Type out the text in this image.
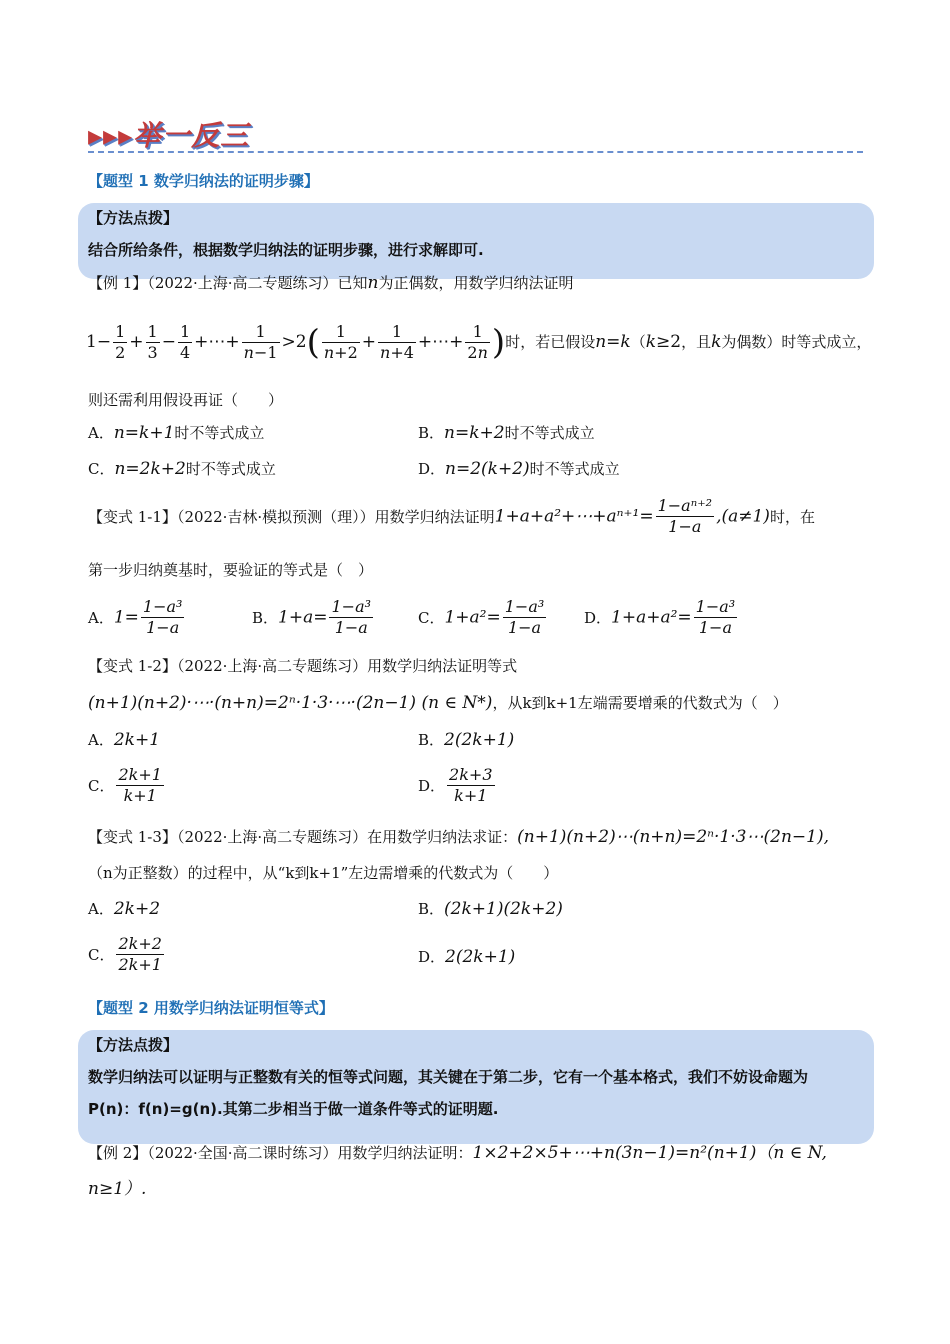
▸▸▸举一反三
【题型 1 数学归纳法的证明步骤】
【方法点拨】
结合所给条件，根据数学归纳法的证明步骤，进行求解即可.
【例 1】（2022·上海·高二专题练习）已知n为正偶数，用数学归纳法证明
$1- \frac{1}{2} + \frac{1}{3} - \frac{1}{4}$ +⋯+ $\frac{1}{n-1} >2( \frac{1}{n+2} + \frac{1}{n+4}$ +⋯+ $\frac{1}{2n}$ )时，若已假设n=k（k≥2，且k为偶数）时等式成立，
则还需利用假设再证（　　）
A．n=k+1时不等式成立	B．n=k+2时不等式成立
C．n=2k+2时不等式成立	D．n=2(k+2)时不等式成立
【变式 1-1】（2022·吉林·模拟预测（理））用数学归纳法证明1+a+a²+⋯+aⁿ⁺¹= $\frac{\text{1−aⁿ⁺²}}{1-a} ,(a\ne 1)$时，在
第一步归纳奠基时，要验证的等式是（　）
A．$1= \frac{\text{1−a³}}{1-a}$	B．$1+a= \frac{\text{1−a³}}{1-a}$	C．$1+a^2= \frac{\text{1−a³}}{1-a}$	D．$1+a+a^2= \frac{\text{1−a³}}{1-a}$
【变式 1-2】（2022·上海·高二专题练习）用数学归纳法证明等式
(n+1)(n+2)·⋯·(n+n)=2ⁿ·1·3·⋯·(2n−1) (n ∈ N*)，从k到k+1左端需要增乘的代数式为（　）
A．2k+1	B．2(2k+1)
C． $\frac{2k+1}{k+1}$	D． $\frac{2k+3}{k+1}$
【变式 1-3】（2022·上海·高二专题练习）在用数学归纳法求证：(n+1)(n+2)⋯(n+n)=2ⁿ·1·3⋯(2n−1),
（n为正整数）的过程中，从“k到k+1”左边需增乘的代数式为（　　）
A．2k+2	B．(2k+1)(2k+2)
C． $\frac{2k+2}{2k+1}$	D．2(2k+1)
【题型 2 用数学归纳法证明恒等式】
【方法点拨】
数学归纳法可以证明与正整数有关的恒等式问题，其关键在于第二步，它有一个基本格式，我们不妨设命题为 P(n)：f(n)=g(n).其第二步相当于做一道条件等式的证明题.
【例 2】（2022·全国·高二课时练习）用数学归纳法证明：1×2+2×5+⋯+n(3n−1)=n²(n+1)（n ∈ N,
n≥1）.
